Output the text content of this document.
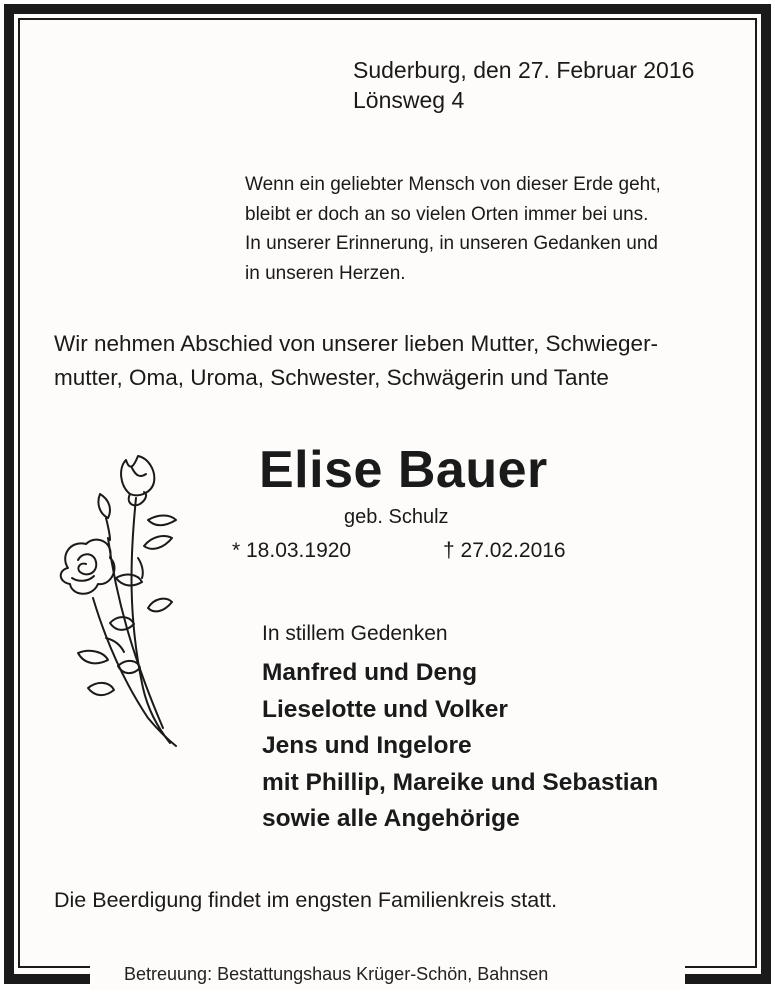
Suderburg, den 27. Februar 2016
Lönsweg 4
Wenn ein geliebter Mensch von dieser Erde geht,
bleibt er doch an so vielen Orten immer bei uns.
In unserer Erinnerung, in unseren Gedanken und
in unseren Herzen.
Wir nehmen Abschied von unserer lieben Mutter, Schwieger-
mutter, Oma, Uroma, Schwester, Schwägerin und Tante
Elise Bauer
geb. Schulz
* 18.03.1920	† 27.02.2016
In stillem Gedenken
Manfred und Deng
Lieselotte und Volker
Jens und Ingelore
mit Phillip, Mareike und Sebastian
sowie alle Angehörige
Die Beerdigung findet im engsten Familienkreis statt.
Betreuung: Bestattungshaus Krüger-Schön, Bahnsen
